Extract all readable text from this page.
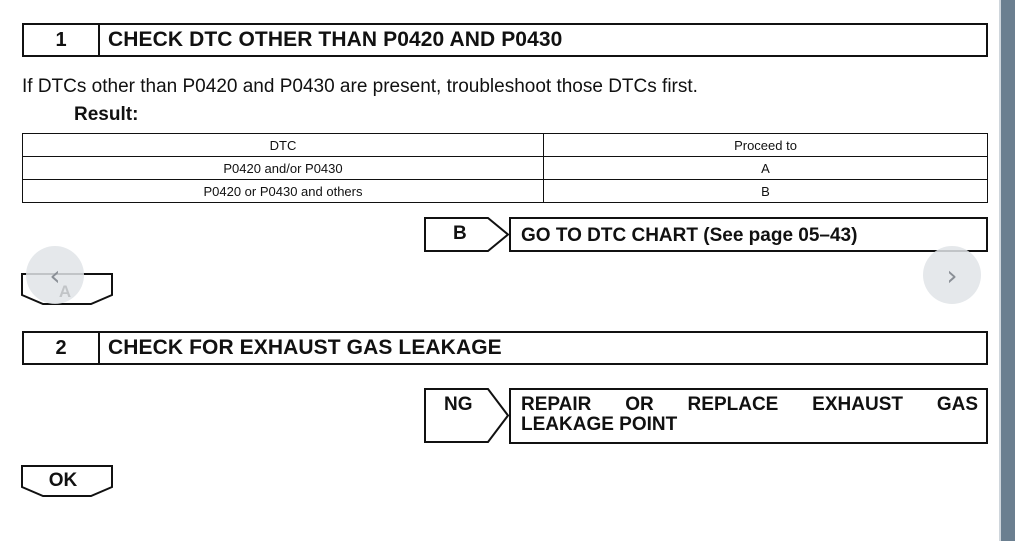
1	CHECK DTC OTHER THAN P0420 AND P0430
If DTCs other than P0420 and P0430 are present, troubleshoot those DTCs first.
Result:
DTC	Proceed to
P0420 and/or P0430	A
P0420 or P0430 and others	B
B	GO TO DTC CHART (See page 05–43)
2	CHECK FOR EXHAUST GAS LEAKAGE
NG	REPAIR   OR   REPLACE   EXHAUST   GAS
LEAKAGE POINT
OK
‹	›
